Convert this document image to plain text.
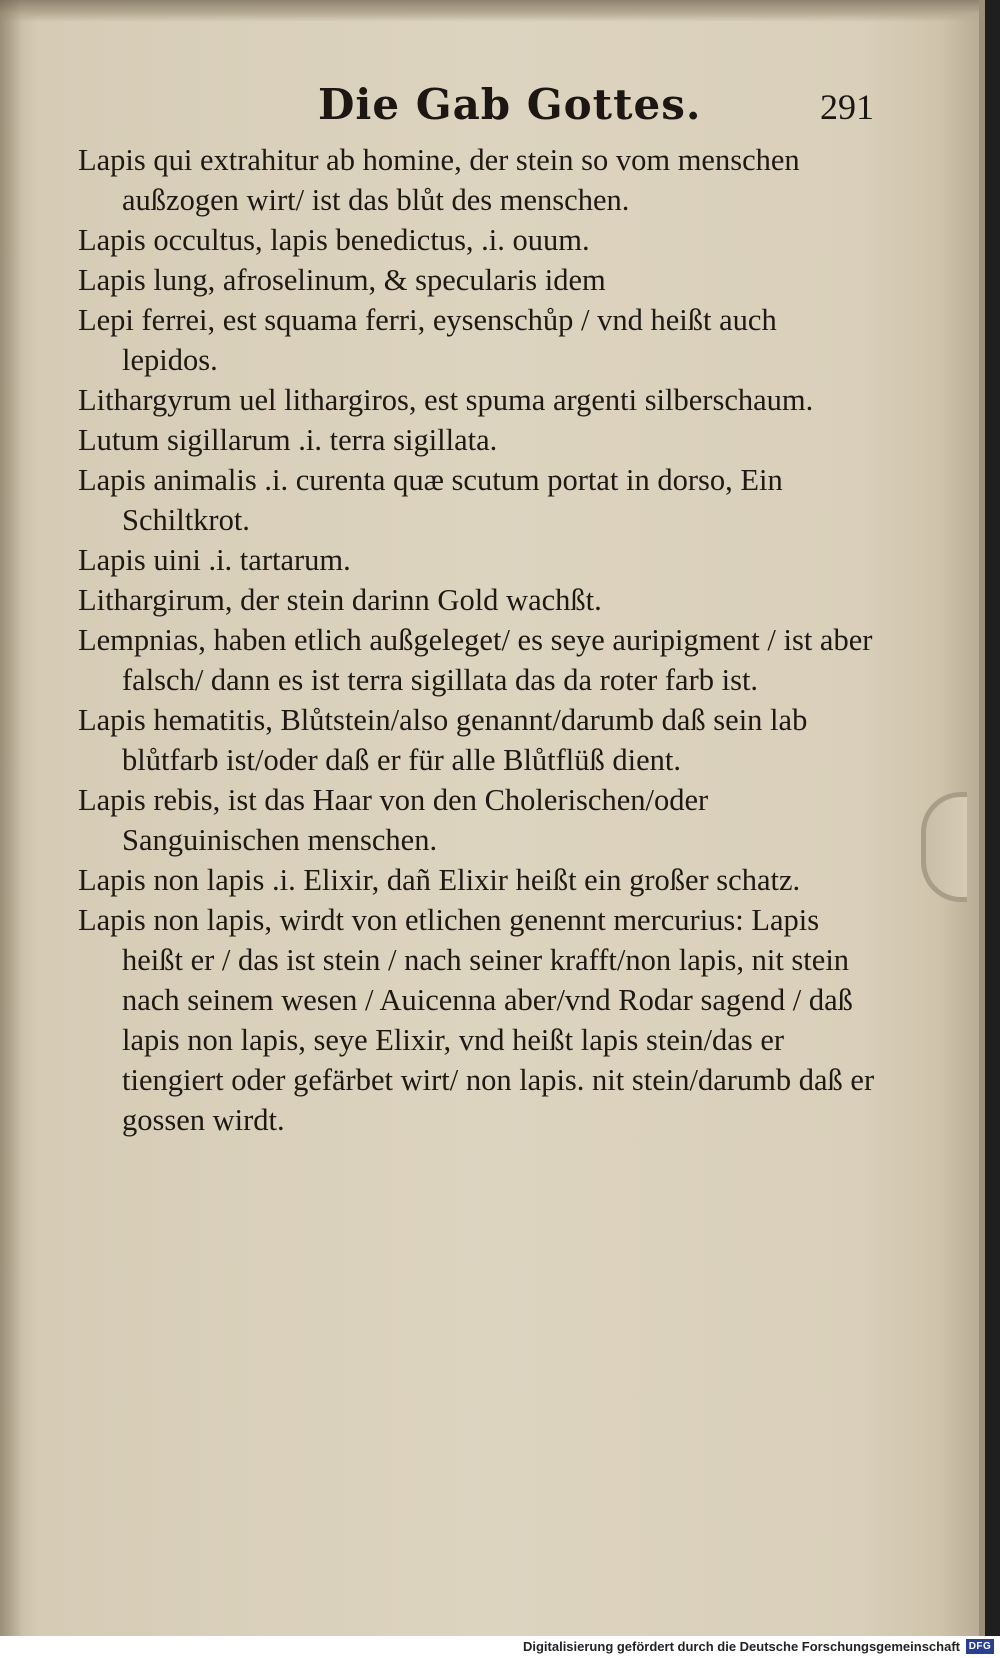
Die Gab Gottes.	291
Lapis qui extrahitur ab homine, der stein so vom menschen außzogen wirt/ ist das blůt des menschen.
Lapis occultus, lapis benedictus, .i. ouum.
Lapis lung, afroselinum, & specularis idem
Lepi ferrei, est squama ferri, eysenschůp / vnd heißt auch lepidos.
Lithargyrum uel lithargiros, est spuma argenti silberschaum.
Lutum sigillarum .i. terra sigillata.
Lapis animalis .i. curenta quæ scutum portat in dorso, Ein Schiltkrot.
Lapis uini .i. tartarum.
Lithargirum, der stein darinn Gold wachßt.
Lempnias, haben etlich außgeleget/ es seye auripigment / ist aber falsch/ dann es ist terra sigillata das da roter farb ist.
Lapis hematitis, Blůtstein/also genannt/darumb daß sein lab blůtfarb ist/oder daß er für alle Blůtflüß dient.
Lapis rebis, ist das Haar von den Cholerischen/oder Sanguinischen menschen.
Lapis non lapis .i. Elixir, dañ Elixir heißt ein großer schatz.
Lapis non lapis, wirdt von etlichen genennt mercurius: Lapis heißt er / das ist stein / nach seiner krafft/non lapis, nit stein nach seinem wesen / Auicenna aber/vnd Rodar sagend / daß lapis non lapis, seye Elixir, vnd heißt lapis stein/das er tiengiert oder gefärbet wirt/ non lapis. nit stein/darumb daß er gossen wirdt.
Digitalisierung gefördert durch die Deutsche Forschungsgemeinschaft DFG
